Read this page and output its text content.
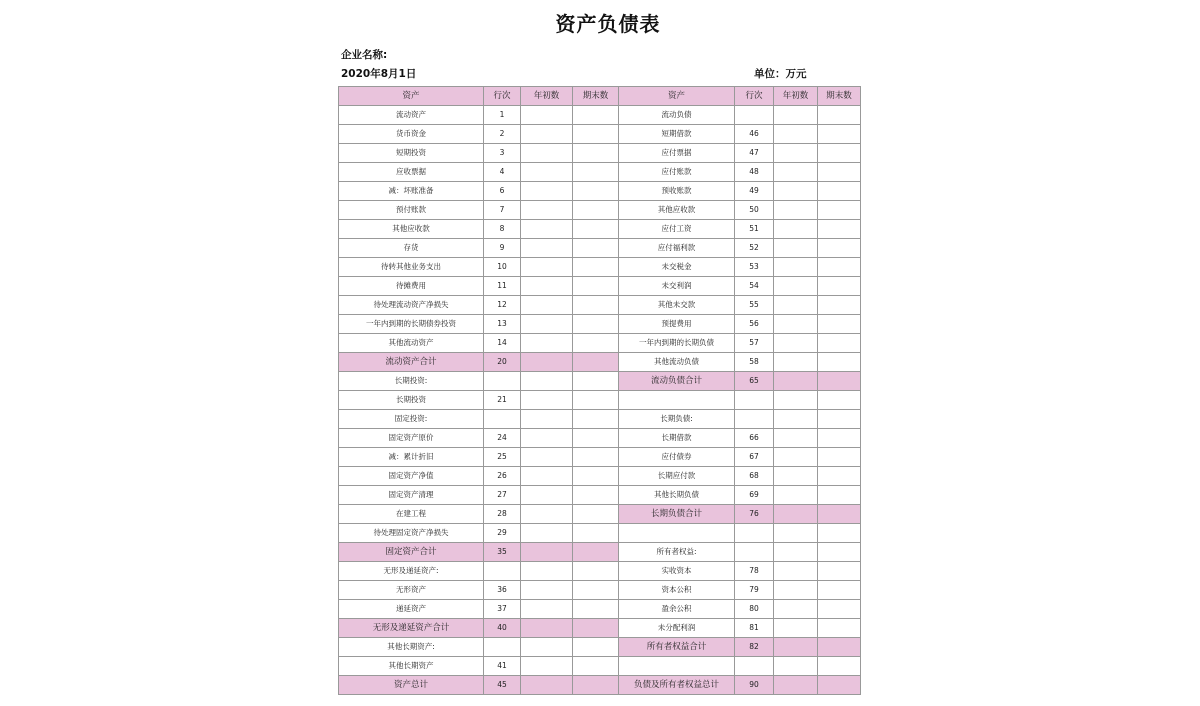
资产负债表
企业名称:
2020年8月1日	单位：万元
资产	行次	年初数	期末数	资产	行次	年初数	期末数
流动资产	1			流动负债			
货币资金	2			短期借款	46		
短期投资	3			应付票据	47		
应收票据	4			应付账款	48		
减：坏账准备	6			预收账款	49		
预付账款	7			其他应收款	50		
其他应收款	8			应付工资	51		
存货	9			应付福利款	52		
待转其他业务支出	10			未交税金	53		
待摊费用	11			未交利润	54		
待处理流动资产净损失	12			其他未交款	55		
一年内到期的长期债券投资	13			预提费用	56		
其他流动资产	14			一年内到期的长期负债	57		
流动资产合计	20			其他流动负债	58		
长期投资:				流动负债合计	65		
长期投资	21						
固定投资:				长期负债:			
固定资产原价	24			长期借款	66		
减：累计折旧	25			应付债券	67		
固定资产净值	26			长期应付款	68		
固定资产清理	27			其他长期负债	69		
在建工程	28			长期负债合计	76		
待处理固定资产净损失	29						
固定资产合计	35			所有者权益:			
无形及递延资产:				实收资本	78		
无形资产	36			资本公积	79		
递延资产	37			盈余公积	80		
无形及递延资产合计	40			未分配利润	81		
其他长期资产:				所有者权益合计	82		
其他长期资产	41						
资产总计	45			负债及所有者权益总计	90		
